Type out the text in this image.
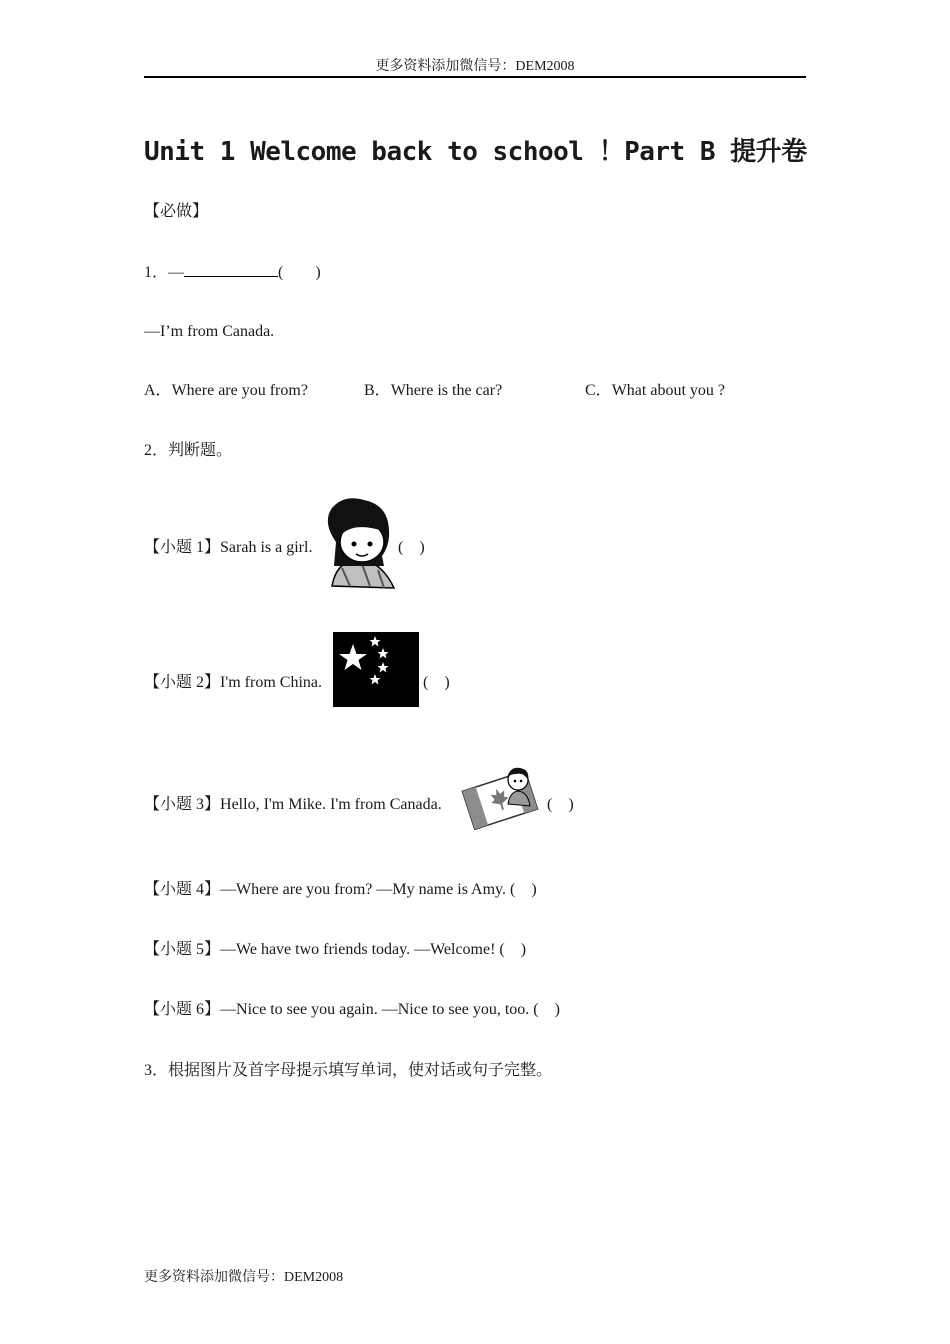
更多资料添加微信号：DEM2008
Unit 1 Welcome back to school ！Part B 提升卷
【必做】
1．—	(　　)
—I’m from Canada.
A．Where are you from?	B．Where is the car?	C．What about you ?
2．判断题。
【小题 1】Sarah is a girl.	(　)
【小题 2】I'm from China.	(　)
【小题 3】Hello, I'm Mike. I'm from Canada.	(　)
【小题 4】—Where are you from? —My name is Amy. (　)
【小题 5】—We have two friends today. —Welcome! (　)
【小题 6】—Nice to see you again. —Nice to see you, too. (　)
3．根据图片及首字母提示填写单词，使对话或句子完整。
更多资料添加微信号：DEM2008
